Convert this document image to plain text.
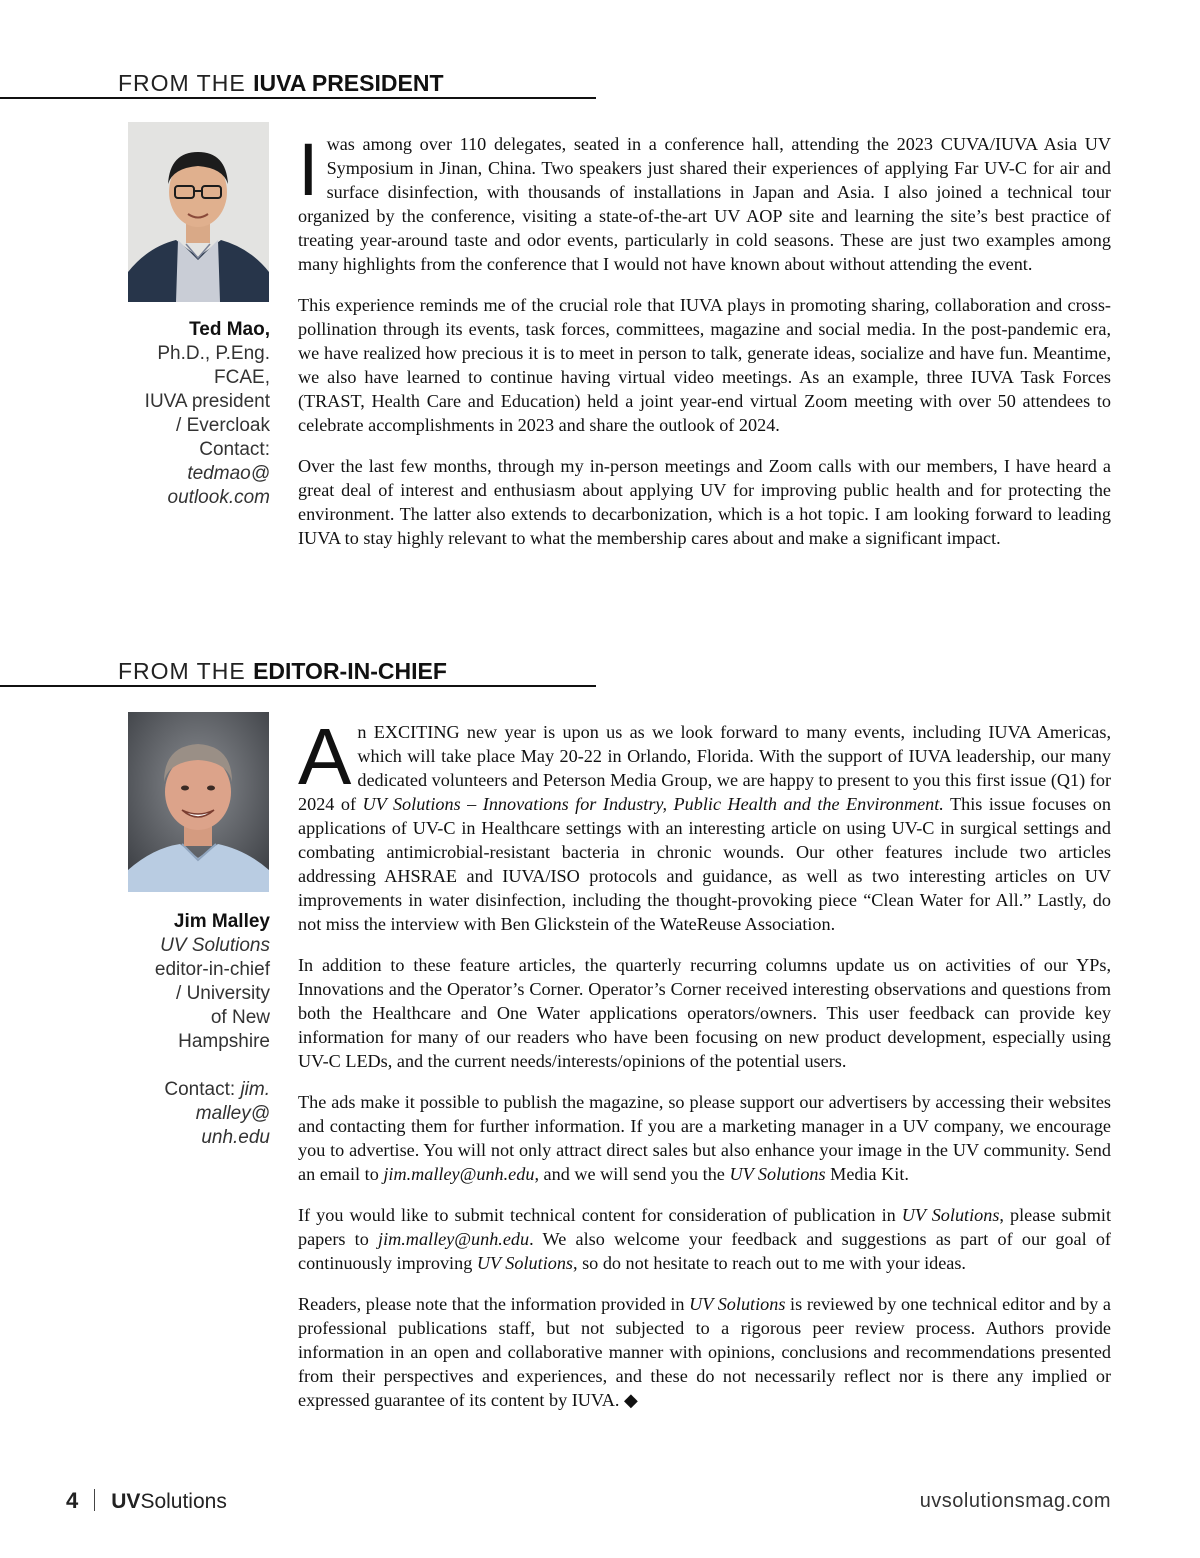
FROM THE IUVA PRESIDENT
Ted Mao,
Ph.D., P.Eng.
FCAE,
IUVA president
/ Evercloak
Contact:
tedmao@
outlook.com

Iwas among over 110 delegates, seated in a conference hall, attending the 2023 CUVA/IUVA Asia UV Symposium in Jinan, China. Two speakers just shared their experiences of applying Far UV-C for air and surface disinfection, with thousands of installations in Japan and Asia. I also joined a technical tour organized by the conference, visiting a state-of-the-art UV AOP site and learning the site’s best practice of treating year-around taste and odor events, particularly in cold seasons. These are just two examples among many highlights from the conference that I would not have known about without attending the event.

This experience reminds me of the crucial role that IUVA plays in promoting sharing, collaboration and cross-pollination through its events, task forces, committees, magazine and social media. In the post-pandemic era, we have realized how precious it is to meet in person to talk, generate ideas, socialize and have fun. Meantime, we also have learned to continue having virtual video meetings. As an example, three IUVA Task Forces (TRAST, Health Care and Education) held a joint year-end virtual Zoom meeting with over 50 attendees to celebrate accomplishments in 2023 and share the outlook of 2024.

Over the last few months, through my in-person meetings and Zoom calls with our members, I have heard a great deal of interest and enthusiasm about applying UV for improving public health and for protecting the environment. The latter also extends to decarbonization, which is a hot topic. I am looking forward to leading IUVA to stay highly relevant to what the membership cares about and make a significant impact.

FROM THE EDITOR-IN-CHIEF
Jim Malley
UV Solutions
editor-in-chief
/ University
of New
Hampshire
Contact: jim.
malley@
unh.edu

An EXCITING new year is upon us as we look forward to many events, including IUVA Americas, which will take place May 20-22 in Orlando, Florida. With the support of IUVA leadership, our many dedicated volunteers and Peterson Media Group, we are happy to present to you this first issue (Q1) for 2024 of UV Solutions – Innovations for Industry, Public Health and the Environment. This issue focuses on applications of UV-C in Healthcare settings with an interesting article on using UV-C in surgical settings and combating antimicrobial-resistant bacteria in chronic wounds. Our other features include two articles addressing AHSRAE and IUVA/ISO protocols and guidance, as well as two interesting articles on UV improvements in water disinfection, including the thought-provoking piece “Clean Water for All.” Lastly, do not miss the interview with Ben Glickstein of the WateReuse Association.

In addition to these feature articles, the quarterly recurring columns update us on activities of our YPs, Innovations and the Operator’s Corner. Operator’s Corner received interesting observations and questions from both the Healthcare and One Water applications operators/owners. This user feedback can provide key information for many of our readers who have been focusing on new product development, especially using UV-C LEDs, and the current needs/interests/opinions of the potential users.

The ads make it possible to publish the magazine, so please support our advertisers by accessing their websites and contacting them for further information. If you are a marketing manager in a UV company, we encourage you to advertise. You will not only attract direct sales but also enhance your image in the UV community. Send an email to jim.malley@unh.edu, and we will send you the UV Solutions Media Kit.

If you would like to submit technical content for consideration of publication in UV Solutions, please submit papers to jim.malley@unh.edu. We also welcome your feedback and suggestions as part of our goal of continuously improving UV Solutions, so do not hesitate to reach out to me with your ideas.

Readers, please note that the information provided in UV Solutions is reviewed by one technical editor and by a professional publications staff, but not subjected to a rigorous peer review process. Authors provide information in an open and collaborative manner with opinions, conclusions and recommendations presented from their perspectives and experiences, and these do not necessarily reflect nor is there any implied or expressed guarantee of its content by IUVA. ◆

4 UVSolutions	uvsolutionsmag.com
